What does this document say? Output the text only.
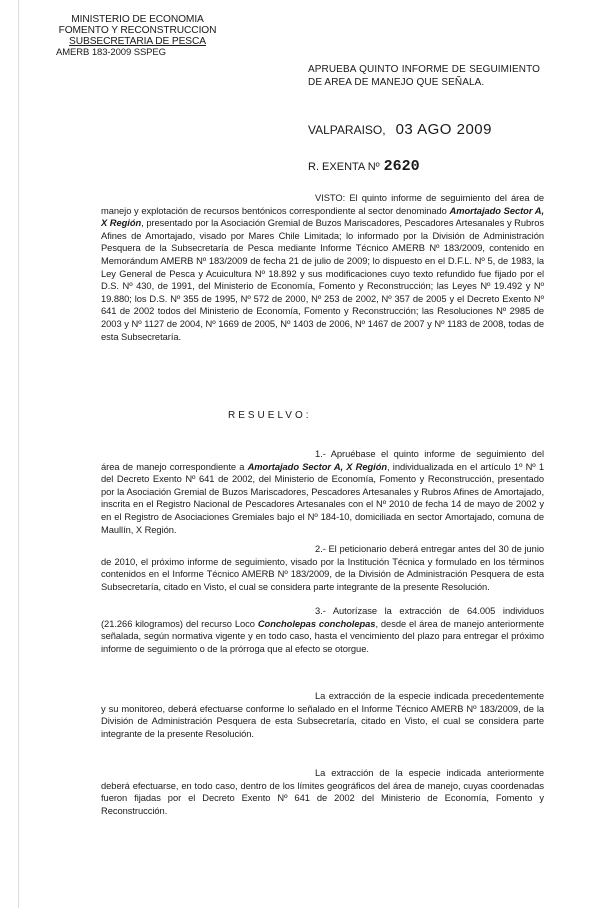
MINISTERIO DE ECONOMIA
FOMENTO Y RECONSTRUCCION
SUBSECRETARIA DE PESCA
AMERB 183-2009 SSPEG
APRUEBA QUINTO INFORME DE SEGUIMIENTO DE AREA DE MANEJO QUE SEÑALA.
VALPARAISO, 03 AGO 2009
R. EXENTA Nº 2620
VISTO: El quinto informe de seguimiento del área de manejo y explotación de recursos bentónicos correspondiente al sector denominado Amortajado Sector A, X Región, presentado por la Asociación Gremial de Buzos Mariscadores, Pescadores Artesanales y Rubros Afines de Amortajado, visado por Mares Chile Limitada; lo informado por la División de Administración Pesquera de la Subsecretaría de Pesca mediante Informe Técnico AMERB Nº 183/2009, contenido en Memorándum AMERB Nº 183/2009 de fecha 21 de julio de 2009; lo dispuesto en el D.F.L. Nº 5, de 1983, la Ley General de Pesca y Acuicultura Nº 18.892 y sus modificaciones cuyo texto refundido fue fijado por el D.S. Nº 430, de 1991, del Ministerio de Economía, Fomento y Reconstrucción; las Leyes Nº 19.492 y Nº 19.880; los D.S. Nº 355 de 1995, Nº 572 de 2000, Nº 253 de 2002, Nº 357 de 2005 y el Decreto Exento Nº 641 de 2002 todos del Ministerio de Economía, Fomento y Reconstrucción; las Resoluciones Nº 2985 de 2003 y Nº 1127 de 2004, Nº 1669 de 2005, Nº 1403 de 2006, Nº 1467 de 2007 y Nº 1183 de 2008, todas de esta Subsecretaría.
RESUELVO:
1.- Apruébase el quinto informe de seguimiento del área de manejo correspondiente a Amortajado Sector A, X Región, individualizada en el artículo 1º Nº 1 del Decreto Exento Nº 641 de 2002, del Ministerio de Economía, Fomento y Reconstrucción, presentado por la Asociación Gremial de Buzos Mariscadores, Pescadores Artesanales y Rubros Afines de Amortajado, inscrita en el Registro Nacional de Pescadores Artesanales con el Nº 2010 de fecha 14 de mayo de 2002 y en el Registro de Asociaciones Gremiales bajo el Nº 184-10, domiciliada en sector Amortajado, comuna de Maullín, X Región.
2.- El peticionario deberá entregar antes del 30 de junio de 2010, el próximo informe de seguimiento, visado por la Institución Técnica y formulado en los términos contenidos en el Informe Técnico AMERB Nº 183/2009, de la División de Administración Pesquera de esta Subsecretaría, citado en Visto, el cual se considera parte integrante de la presente Resolución.
3.- Autorízase la extracción de 64.005 individuos (21.266 kilogramos) del recurso Loco Concholepas concholepas, desde el área de manejo anteriormente señalada, según normativa vigente y en todo caso, hasta el vencimiento del plazo para entregar el próximo informe de seguimiento o de la prórroga que al efecto se otorgue.
La extracción de la especie indicada precedentemente y su monitoreo, deberá efectuarse conforme lo señalado en el Informe Técnico AMERB Nº 183/2009, de la División de Administración Pesquera de esta Subsecretaría, citado en Visto, el cual se considera parte integrante de la presente Resolución.
La extracción de la especie indicada anteriormente deberá efectuarse, en todo caso, dentro de los límites geográficos del área de manejo, cuyas coordenadas fueron fijadas por el Decreto Exento Nº 641 de 2002 del Ministerio de Economía, Fomento y Reconstrucción.
